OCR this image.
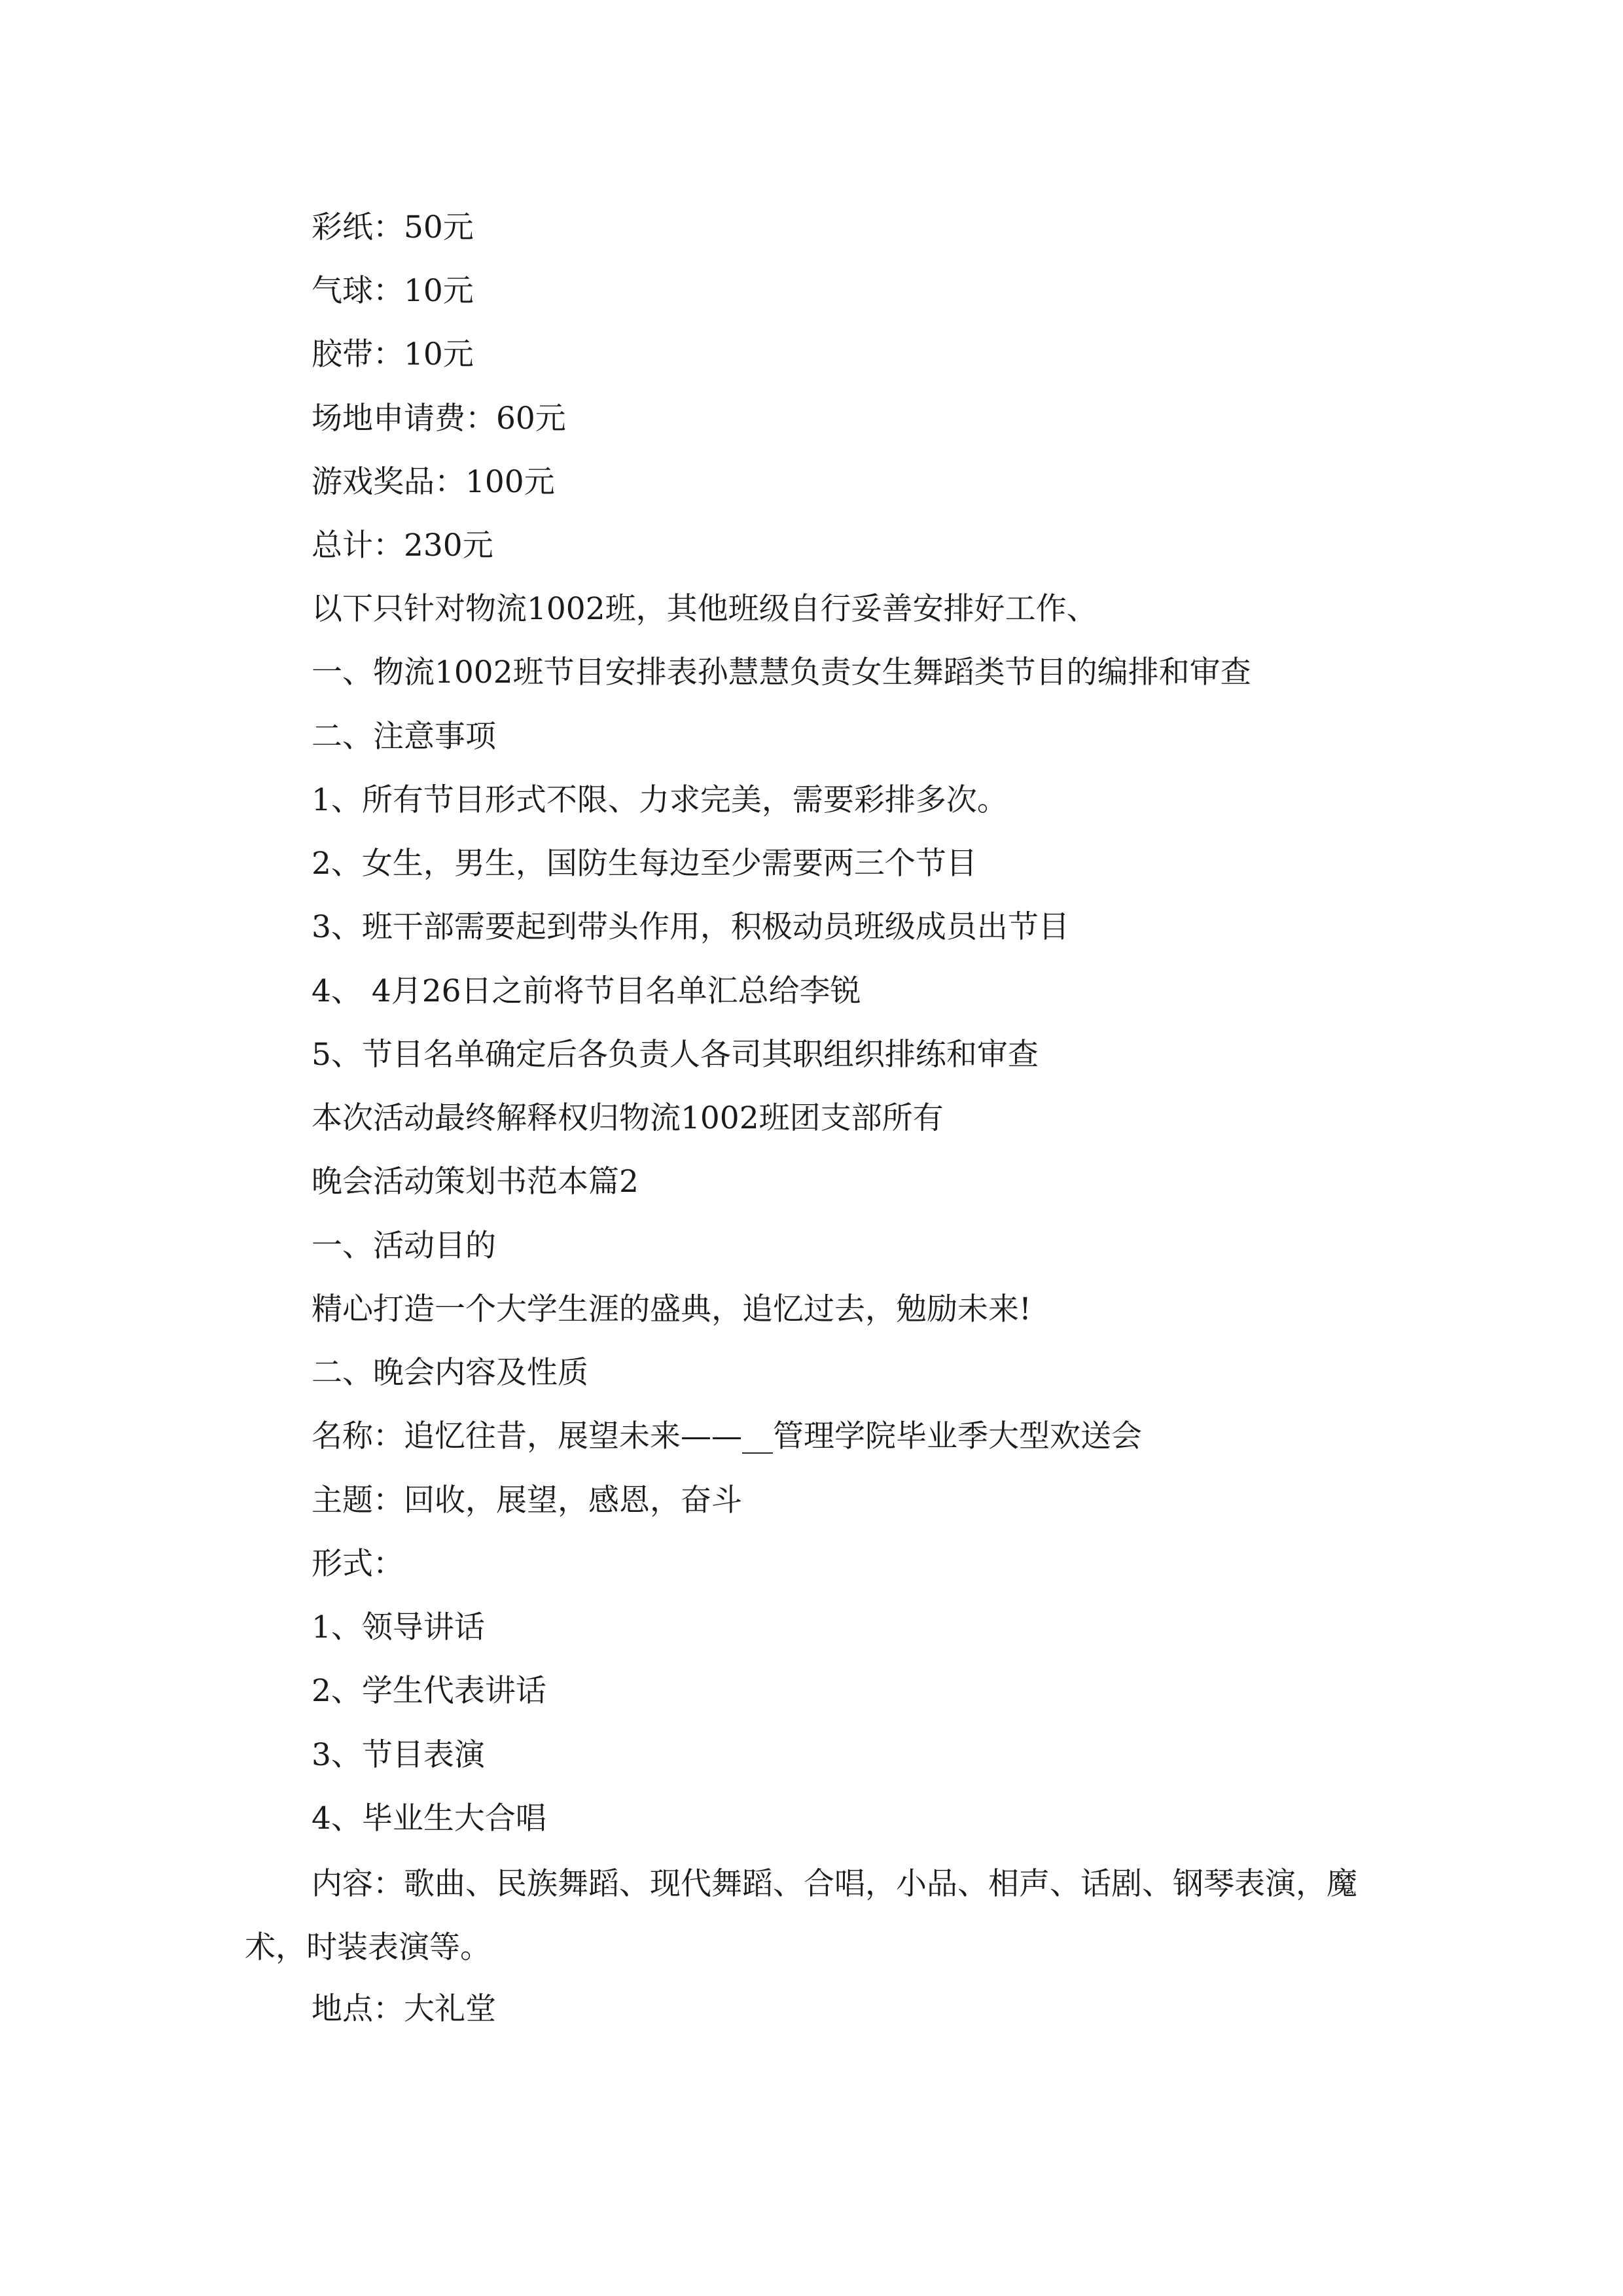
彩纸：50元
气球：10元
胶带：10元
场地申请费：60元
游戏奖品：100元
总计：230元
以下只针对物流1002班，其他班级自行妥善安排好工作、
一、物流1002班节目安排表孙慧慧负责女生舞蹈类节目的编排和审查
二、注意事项
1、所有节目形式不限、力求完美，需要彩排多次。
2、女生，男生，国防生每边至少需要两三个节目
3、班干部需要起到带头作用，积极动员班级成员出节目
4、 4月26日之前将节目名单汇总给李锐
5、节目名单确定后各负责人各司其职组织排练和审查
本次活动最终解释权归物流1002班团支部所有
晚会活动策划书范本篇2
一、活动目的
精心打造一个大学生涯的盛典，追忆过去，勉励未来!
二、晚会内容及性质
名称：追忆往昔，展望未来——__管理学院毕业季大型欢送会
主题：回收，展望，感恩，奋斗
形式：
1、领导讲话
2、学生代表讲话
3、节目表演
4、毕业生大合唱
内容：歌曲、民族舞蹈、现代舞蹈、合唱，小品、相声、话剧、钢琴表演，魔术，时装表演等。
地点：大礼堂
